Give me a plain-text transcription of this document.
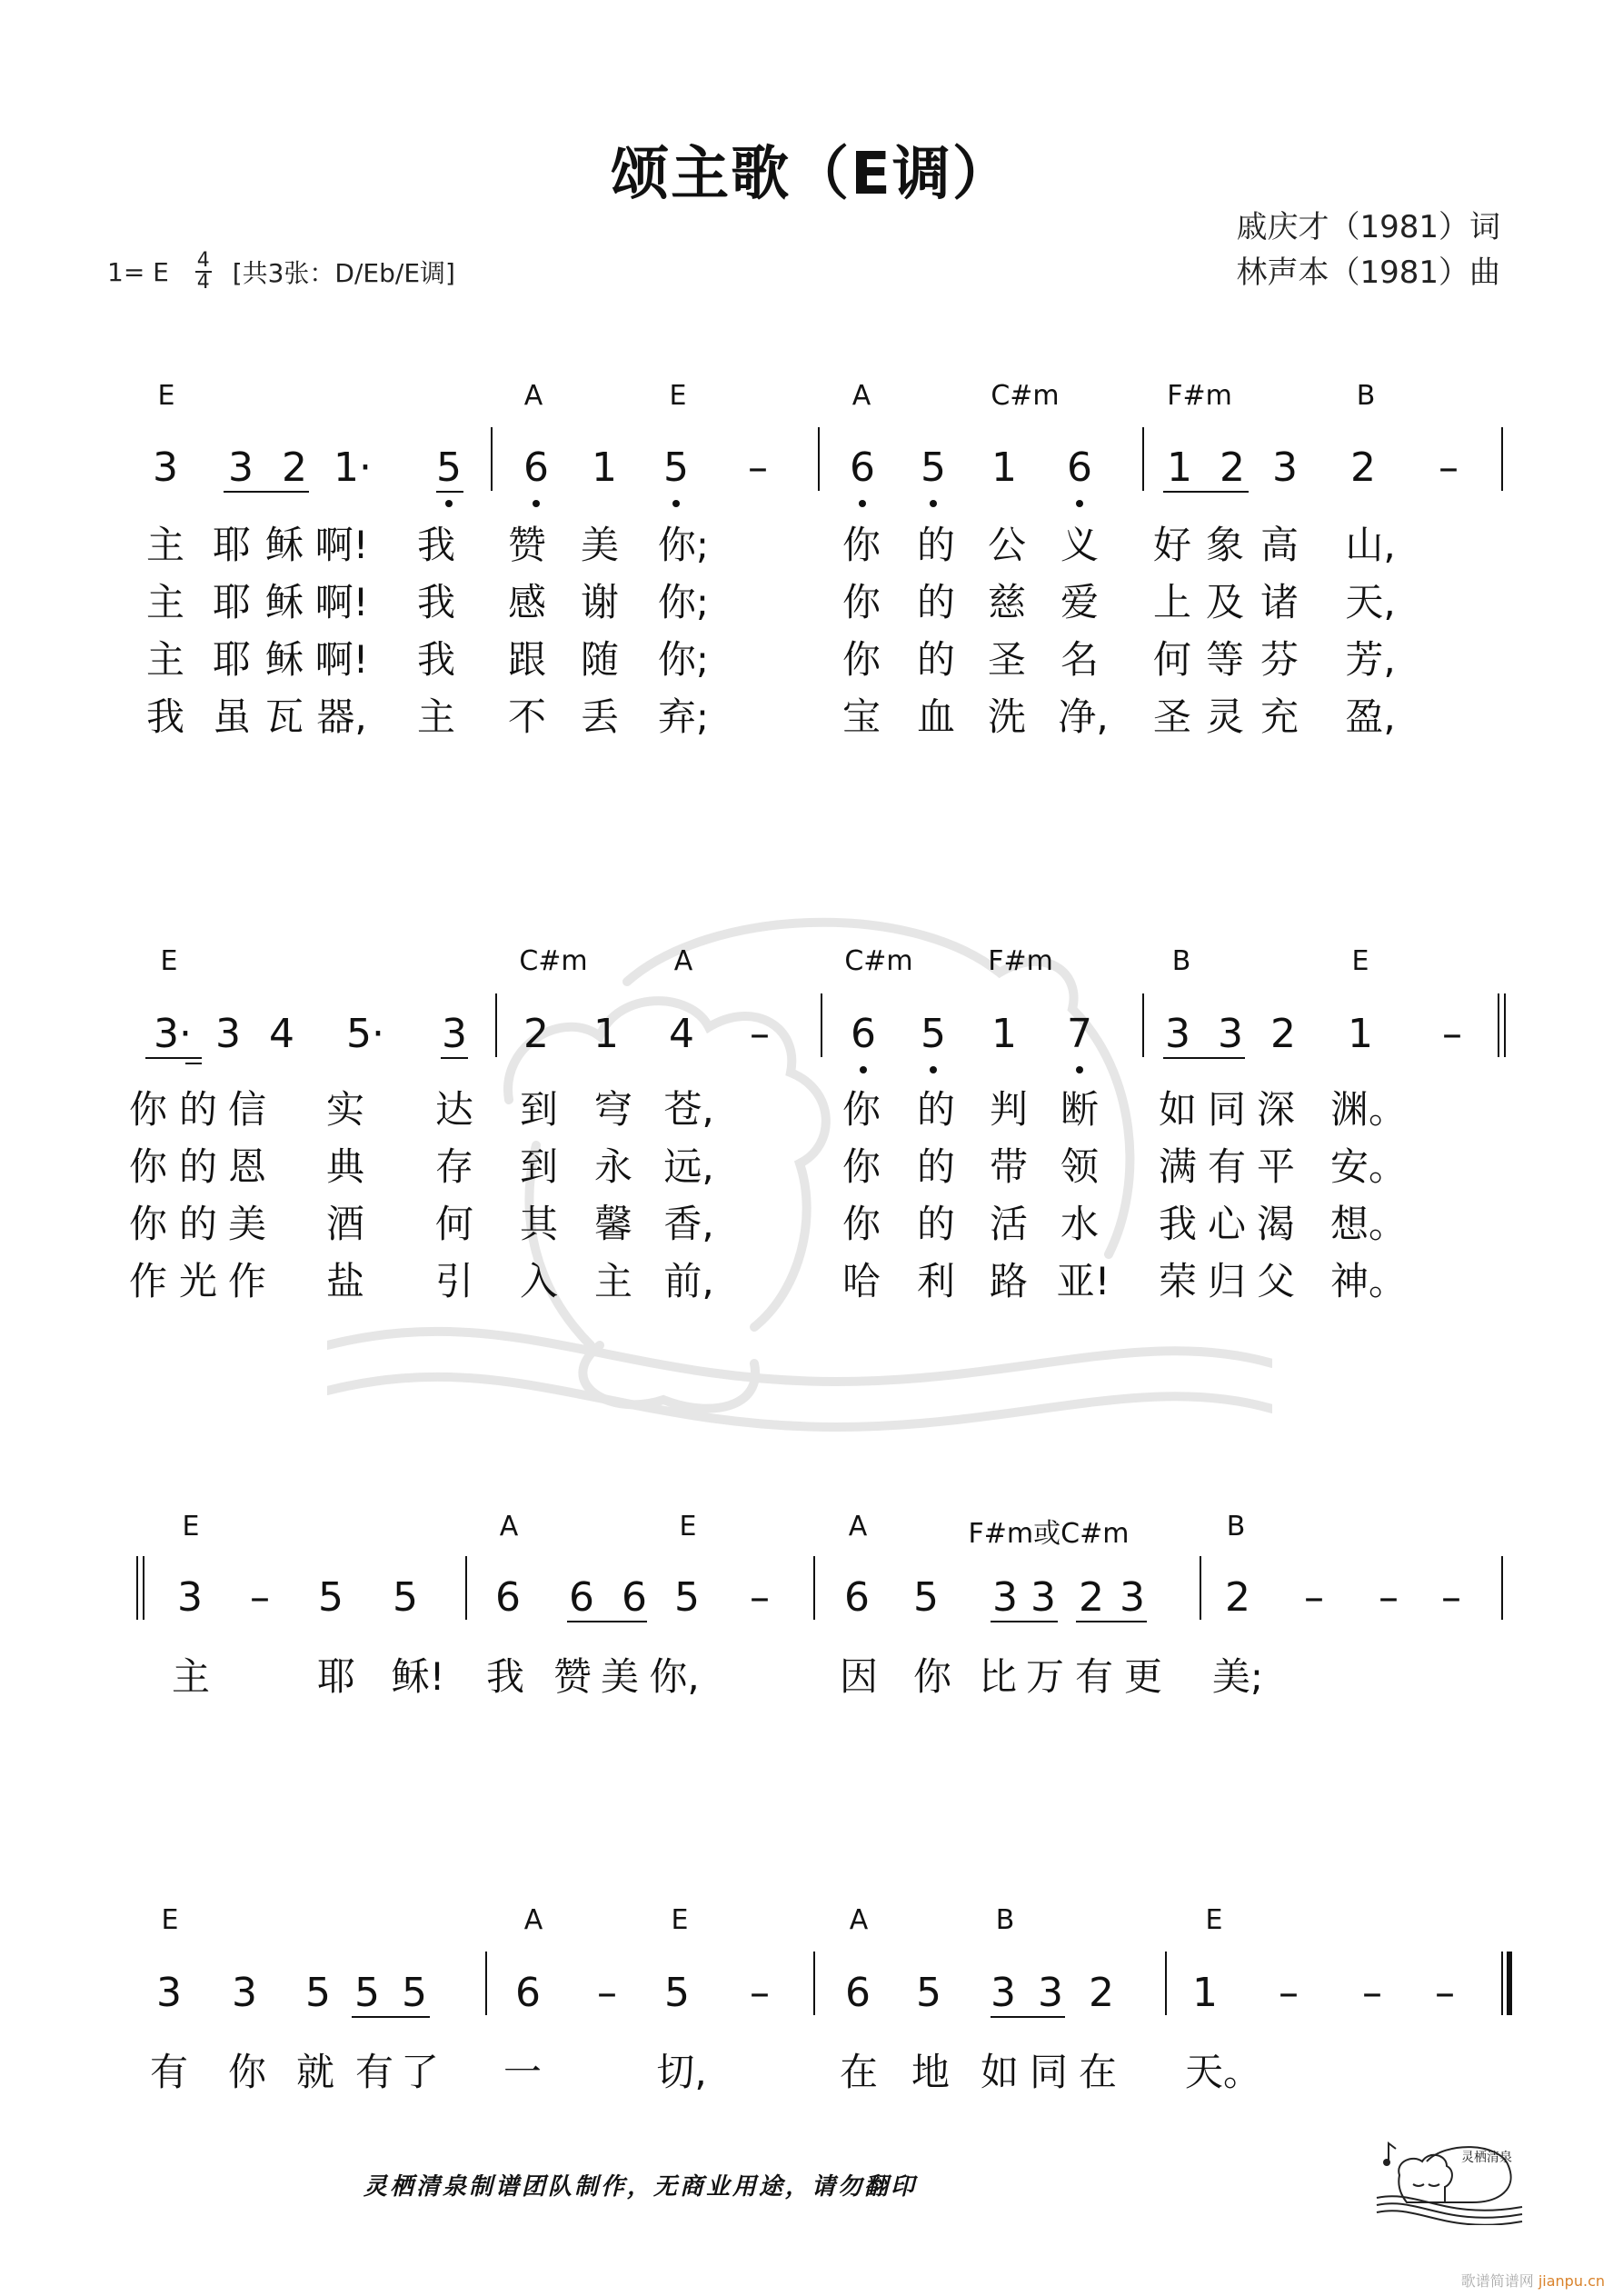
颂主歌（E调）
戚庆才（1981）词
林声本（1981）曲
1= E $\frac{4}{4}$ [共3张：D/Eb/E调]
E	A	E	A	C#m	F#m	B
3 3 2 1· 5 6 1 5 – 6 5 1 6 1 2 3 2 –
主 耶 稣 啊! 我 赞 美 你;	你 的 公 义 好 象 高 山,
主 耶 稣 啊! 我 感 谢 你;	你 的 慈 爱 上 及 诸 天,
主 耶 稣 啊! 我 跟 随 你;	你 的 圣 名 何 等 芬 芳,
我 虽 瓦 器, 主 不 丢 弃;	宝 血 洗 净, 圣 灵 充 盈,
E	C#m	A	C#m	F#m	B	E
3· 3 4 5· 3 2 1 4 – 6 5 1 7 3 3 2 1 –
你 的 信 实 达 到 穹 苍,	你 的 判 断 如 同 深 渊。
你 的 恩 典 存 到 永 远,	你 的 带 领 满 有 平 安。
你 的 美 酒 何 其 馨 香,	你 的 活 水 我 心 渴 想。
作 光 作 盐 引 入 主 前,	哈 利 路 亚! 荣 归 父 神。
E	A	E	A	F#m或C#m	B
3 – 5 5 6 6 6 5 – 6 5 3 3 2 3 2 – – –
主	耶 稣! 我 赞 美 你,	因 你 比 万 有 更 美;
E	A	E	A	B	E
3 3 5 5 5 6 – 5 – 6 5 3 3 2 1 – – –
有 你 就 有 了 一	切,	在 地 如 同 在 天。
灵栖清泉制谱团队制作，无商业用途，请勿翻印
灵栖清泉
歌谱简谱网 jianpu.cn
